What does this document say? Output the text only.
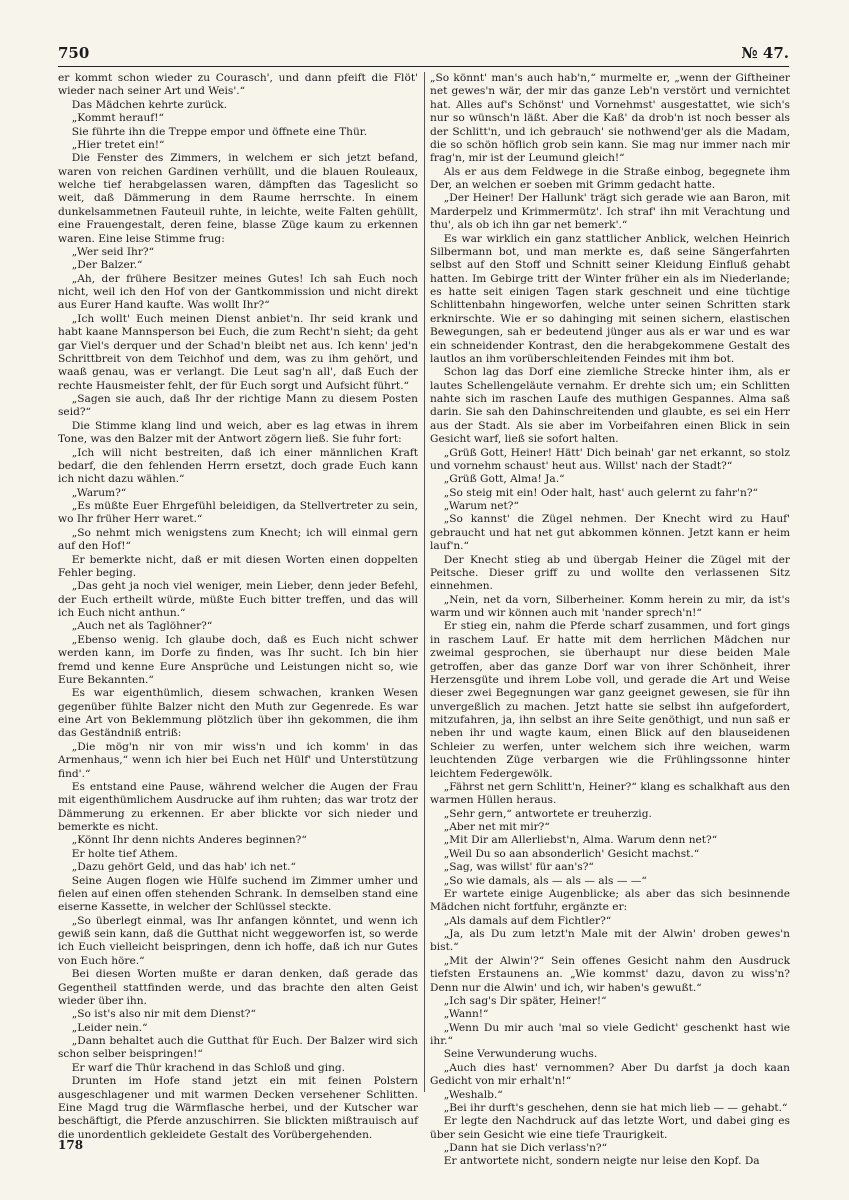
750	№ 47.

er kommt schon wieder zu Courasch', und dann pfeift die Flöt' wieder nach seiner Art und Weis'.“

Das Mädchen kehrte zurück.

„Kommt herauf!“

Sie führte ihn die Treppe empor und öffnete eine Thür.

„Hier tretet ein!“

Die Fenster des Zimmers, in welchem er sich jetzt befand, waren von reichen Gardinen verhüllt, und die blauen Rouleaux, welche tief herabgelassen waren, dämpften das Tageslicht so weit, daß Dämmerung in dem Raume herrschte. In einem dunkelsammetnen Fauteuil ruhte, in leichte, weite Falten gehüllt, eine Frauengestalt, deren feine, blasse Züge kaum zu erkennen waren. Eine leise Stimme frug:

„Wer seid Ihr?“

„Der Balzer.“

„Ah, der frühere Besitzer meines Gutes! Ich sah Euch noch nicht, weil ich den Hof von der Gantkommission und nicht direkt aus Eurer Hand kaufte. Was wollt Ihr?“

„Ich wollt' Euch meinen Dienst anbiet'n. Ihr seid krank und habt kaane Mannsperson bei Euch, die zum Recht'n sieht; da geht gar Viel's derquer und der Schad'n bleibt net aus. Ich kenn' jed'n Schrittbreit von dem Teichhof und dem, was zu ihm gehört, und waaß genau, was er verlangt. Die Leut sag'n all', daß Euch der rechte Hausmeister fehlt, der für Euch sorgt und Aufsicht führt.“

„Sagen sie auch, daß Ihr der richtige Mann zu diesem Posten seid?“

Die Stimme klang lind und weich, aber es lag etwas in ihrem Tone, was den Balzer mit der Antwort zögern ließ. Sie fuhr fort:

„Ich will nicht bestreiten, daß ich einer männlichen Kraft bedarf, die den fehlenden Herrn ersetzt, doch grade Euch kann ich nicht dazu wählen.“

„Warum?“

„Es müßte Euer Ehrgefühl beleidigen, da Stellvertreter zu sein, wo Ihr früher Herr waret.“

„So nehmt mich wenigstens zum Knecht; ich will einmal gern auf den Hof!“

Er bemerkte nicht, daß er mit diesen Worten einen doppelten Fehler beging.

„Das geht ja noch viel weniger, mein Lieber, denn jeder Befehl, der Euch ertheilt würde, müßte Euch bitter treffen, und das will ich Euch nicht anthun.“

„Auch net als Taglöhner?“

„Ebenso wenig. Ich glaube doch, daß es Euch nicht schwer werden kann, im Dorfe zu finden, was Ihr sucht. Ich bin hier fremd und kenne Eure Ansprüche und Leistungen nicht so, wie Eure Bekannten.“

Es war eigenthümlich, diesem schwachen, kranken Wesen gegenüber fühlte Balzer nicht den Muth zur Gegenrede. Es war eine Art von Beklemmung plötzlich über ihn gekommen, die ihm das Geständniß entriß:

„Die mög'n nir von mir wiss'n und ich komm' in das Armenhaus,“ wenn ich hier bei Euch net Hülf' und Unterstützung find'.“

Es entstand eine Pause, während welcher die Augen der Frau mit eigenthümlichem Ausdrucke auf ihm ruhten; das war trotz der Dämmerung zu erkennen. Er aber blickte vor sich nieder und bemerkte es nicht.

„Könnt Ihr denn nichts Anderes beginnen?“

Er holte tief Athem.

„Dazu gehört Geld, und das hab' ich net.“

Seine Augen flogen wie Hülfe suchend im Zimmer umher und fielen auf einen offen stehenden Schrank. In demselben stand eine eiserne Kassette, in welcher der Schlüssel steckte.

„So überlegt einmal, was Ihr anfangen könntet, und wenn ich gewiß sein kann, daß die Gutthat nicht weggeworfen ist, so werde ich Euch vielleicht beispringen, denn ich hoffe, daß ich nur Gutes von Euch höre.“

Bei diesen Worten mußte er daran denken, daß gerade das Gegentheil stattfinden werde, und das brachte den alten Geist wieder über ihn.

„So ist's also nir mit dem Dienst?“

„Leider nein.“

„Dann behaltet auch die Gutthat für Euch. Der Balzer wird sich schon selber beispringen!“

Er warf die Thür krachend in das Schloß und ging.

Drunten im Hofe stand jetzt ein mit feinen Polstern ausgeschlagener und mit warmen Decken versehener Schlitten. Eine Magd trug die Wärmflasche herbei, und der Kutscher war beschäftigt, die Pferde anzuschirren. Sie blickten mißtrauisch auf die unordentlich gekleidete Gestalt des Vorübergehenden.

„So könnt' man's auch hab'n,“ murmelte er, „wenn der Giftheiner net gewes'n wär, der mir das ganze Leb'n verstört und vernichtet hat. Alles auf's Schönst' und Vornehmst' ausgestattet, wie sich's nur so wünsch'n läßt. Aber die Kaß' da drob'n ist noch besser als der Schlitt'n, und ich gebrauch' sie nothwend'ger als die Madam, die so schön höflich grob sein kann. Sie mag nur immer nach mir frag'n, mir ist der Leumund gleich!“

Als er aus dem Feldwege in die Straße einbog, begegnete ihm Der, an welchen er soeben mit Grimm gedacht hatte.

„Der Heiner! Der Hallunk' trägt sich gerade wie aan Baron, mit Marderpelz und Krimmermütz'. Ich straf' ihn mit Verachtung und thu', als ob ich ihn gar net bemerk'.“

Es war wirklich ein ganz stattlicher Anblick, welchen Heinrich Silbermann bot, und man merkte es, daß seine Sängerfahrten selbst auf den Stoff und Schnitt seiner Kleidung Einfluß gehabt hatten. Im Gebirge tritt der Winter früher ein als im Niederlande; es hatte seit einigen Tagen stark geschneit und eine tüchtige Schlittenbahn hingeworfen, welche unter seinen Schritten stark erknirschte. Wie er so dahinging mit seinen sichern, elastischen Bewegungen, sah er bedeutend jünger aus als er war und es war ein schneidender Kontrast, den die herabgekommene Gestalt des lautlos an ihm vorüberschleitenden Feindes mit ihm bot.

Schon lag das Dorf eine ziemliche Strecke hinter ihm, als er lautes Schellengeläute vernahm. Er drehte sich um; ein Schlitten nahte sich im raschen Laufe des muthigen Gespannes. Alma saß darin. Sie sah den Dahinschreitenden und glaubte, es sei ein Herr aus der Stadt. Als sie aber im Vorbeifahren einen Blick in sein Gesicht warf, ließ sie sofort halten.

„Grüß Gott, Heiner! Hätt' Dich beinah' gar net erkannt, so stolz und vornehm schaust' heut aus. Willst' nach der Stadt?“

„Grüß Gott, Alma! Ja.“

„So steig mit ein! Oder halt, hast' auch gelernt zu fahr'n?“

„Warum net?“

„So kannst' die Zügel nehmen. Der Knecht wird zu Hauf' gebraucht und hat net gut abkommen können. Jetzt kann er heim lauf'n.“

Der Knecht stieg ab und übergab Heiner die Zügel mit der Peitsche. Dieser griff zu und wollte den verlassenen Sitz einnehmen.

„Nein, net da vorn, Silberheiner. Komm herein zu mir, da ist's warm und wir können auch mit 'nander sprech'n!“

Er stieg ein, nahm die Pferde scharf zusammen, und fort gings in raschem Lauf. Er hatte mit dem herrlichen Mädchen nur zweimal gesprochen, sie überhaupt nur diese beiden Male getroffen, aber das ganze Dorf war von ihrer Schönheit, ihrer Herzensgüte und ihrem Lobe voll, und gerade die Art und Weise dieser zwei Begegnungen war ganz geeignet gewesen, sie für ihn unvergeßlich zu machen. Jetzt hatte sie selbst ihn aufgefordert, mitzufahren, ja, ihn selbst an ihre Seite genöthigt, und nun saß er neben ihr und wagte kaum, einen Blick auf den blauseidenen Schleier zu werfen, unter welchem sich ihre weichen, warm leuchtenden Züge verbargen wie die Frühlingssonne hinter leichtem Federgewölk.

„Fährst net gern Schlitt'n, Heiner?“ klang es schalkhaft aus den warmen Hüllen heraus.

„Sehr gern,“ antwortete er treuherzig.

„Aber net mit mir?“

„Mit Dir am Allerliebst'n, Alma. Warum denn net?“

„Weil Du so aan absonderlich' Gesicht machst.“

„Sag, was willst' für aan's?“

„So wie damals, als — als — als — —“

Er wartete einige Augenblicke; als aber das sich besinnende Mädchen nicht fortfuhr, ergänzte er:

„Als damals auf dem Fichtler?“

„Ja, als Du zum letzt'n Male mit der Alwin' droben gewes'n bist.“

„Mit der Alwin'?“ Sein offenes Gesicht nahm den Ausdruck tiefsten Erstaunens an. „Wie kommst' dazu, davon zu wiss'n? Denn nur die Alwin' und ich, wir haben's gewußt.“

„Ich sag's Dir später, Heiner!“

„Wann!“

„Wenn Du mir auch 'mal so viele Gedicht' geschenkt hast wie ihr.“

Seine Verwunderung wuchs.

„Auch dies hast' vernommen? Aber Du darfst ja doch kaan Gedicht von mir erhalt'n!“

„Weshalb.“

„Bei ihr durft's geschehen, denn sie hat mich lieb — — gehabt.“

Er legte den Nachdruck auf das letzte Wort, und dabei ging es über sein Gesicht wie eine tiefe Traurigkeit.

„Dann hat sie Dich verlass'n?“

Er antwortete nicht, sondern neigte nur leise den Kopf. Da

178
